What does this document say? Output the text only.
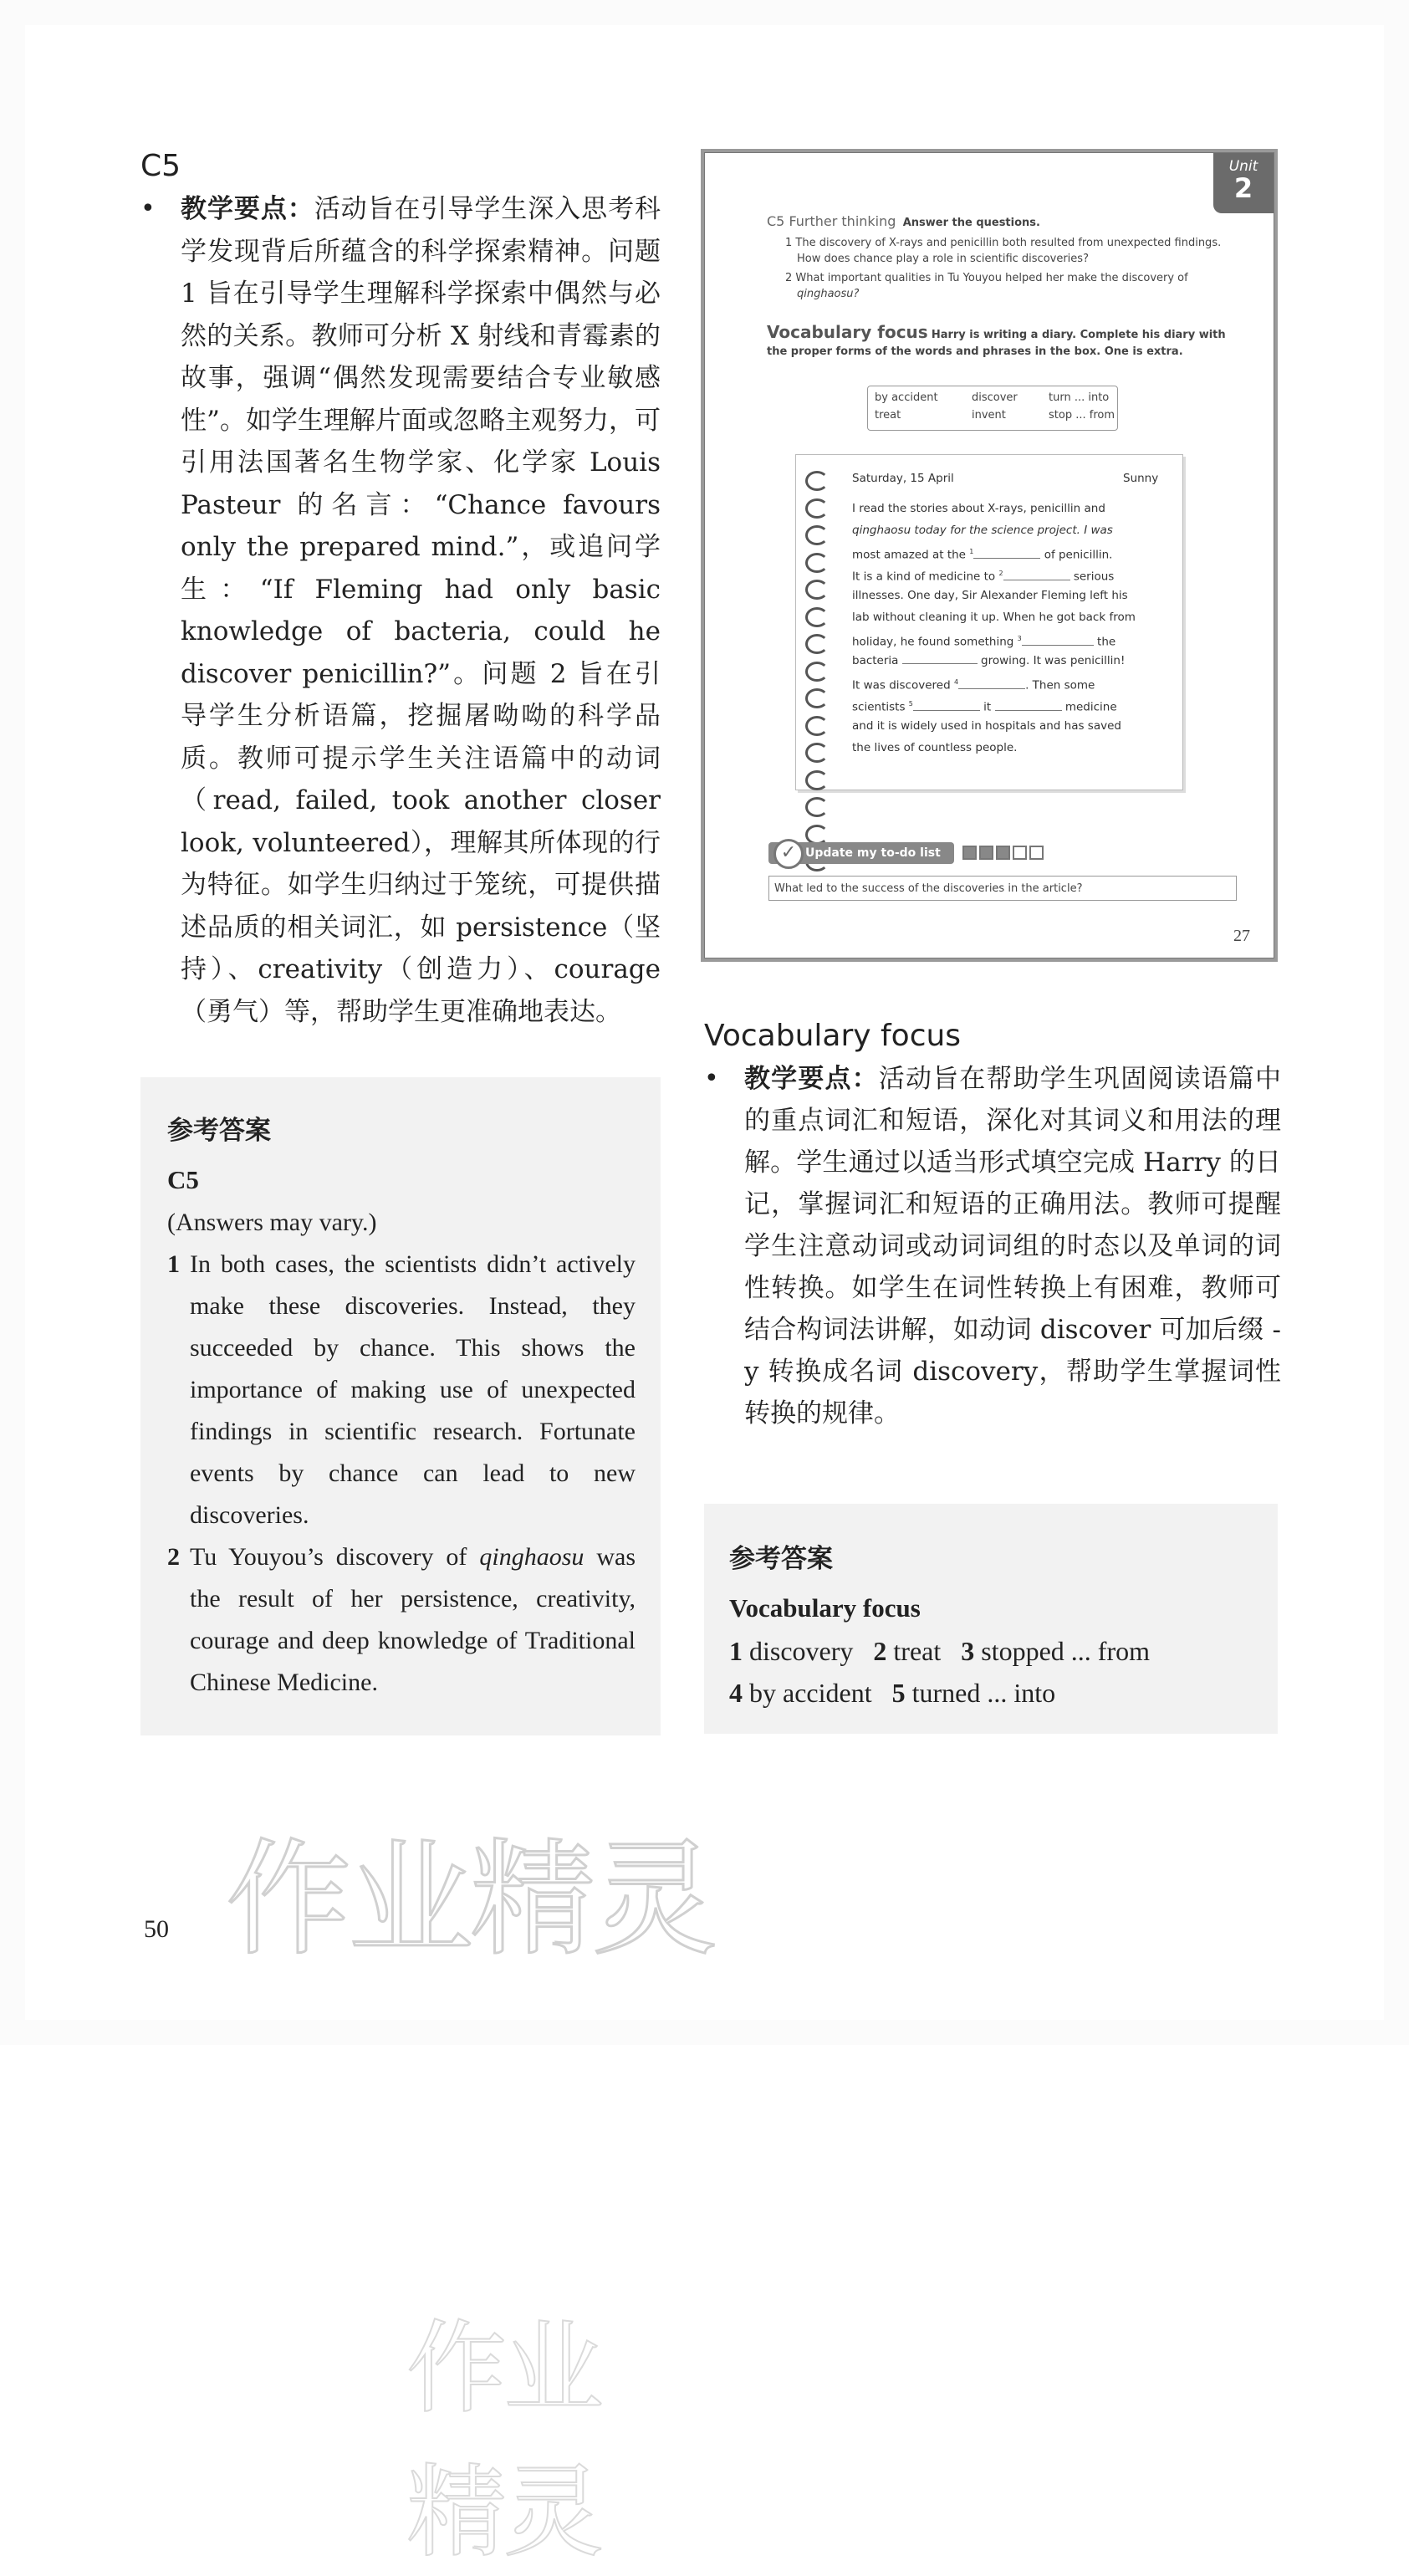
C5
• 教学要点：活动旨在引导学生深入思考科学发现背后所蕴含的科学探索精神。问题 1 旨在引导学生理解科学探索中偶然与必然的关系。教师可分析 X 射线和青霉素的故事，强调“偶然发现需要结合专业敏感性”。如学生理解片面或忽略主观努力，可引用法国著名生物学家、化学家 Louis Pasteur 的名言：“Chance favours only the prepared mind.”，或追问学生：“If Fleming had only basic knowledge of bacteria, could he discover penicillin?”。问题 2 旨在引导学生分析语篇，挖掘屠呦呦的科学品质。教师可提示学生关注语篇中的动词（read, failed, took another closer look, volunteered），理解其所体现的行为特征。如学生归纳过于笼统，可提供描述品质的相关词汇，如 persistence（坚持）、creativity（创造力）、courage（勇气）等，帮助学生更准确地表达。
作业精灵
参考答案
C5
(Answers may vary.)
1 In both cases, the scientists didn’t actively make these discoveries. Instead, they succeeded by chance. This shows the importance of making use of unexpected findings in scientific research. Fortunate events by chance can lead to new discoveries.
2 Tu Youyou’s discovery of qinghaosu was the result of her persistence, creativity, courage and deep knowledge of Traditional Chinese Medicine.
Unit
2
C5 Further thinking Answer the questions.
1 The discovery of X-rays and penicillin both resulted from unexpected findings.
How does chance play a role in scientific discoveries?
2 What important qualities in Tu Youyou helped her make the discovery of
qinghaosu?
Vocabulary focus Harry is writing a diary. Complete his diary with
the proper forms of the words and phrases in the box. One is extra.
by accident	discover	turn ... into
treat	invent	stop ... from
Saturday, 15 April	Sunny
I read the stories about X-rays, penicillin and
qinghaosu today for the science project. I was
most amazed at the $^1$	of penicillin.
It is a kind of medicine to $^2$	serious
illnesses. One day, Sir Alexander Fleming left his
lab without cleaning it up. When he got back from
holiday, he found something $^3$	the
bacteria	growing. It was penicillin!
It was discovered $^4$	. Then some
scientists $^5$	it	medicine
and it is widely used in hospitals and has saved
the lives of countless people.
Update my to-do list
✓
What led to the success of the discoveries in the article?
27
Vocabulary focus
• 教学要点：活动旨在帮助学生巩固阅读语篇中的重点词汇和短语，深化对其词义和用法的理解。学生通过以适当形式填空完成 Harry 的日记，掌握词汇和短语的正确用法。教师可提醒学生注意动词或动词词组的时态以及单词的词性转换。如学生在词性转换上有困难，教师可结合构词法讲解，如动词 discover 可加后缀 -y 转换成名词 discovery，帮助学生掌握词性转换的规律。
参考答案
Vocabulary focus
1 discovery 2 treat 3 stopped ... from
4 by accident 5 turned ... into
作业精灵
50
